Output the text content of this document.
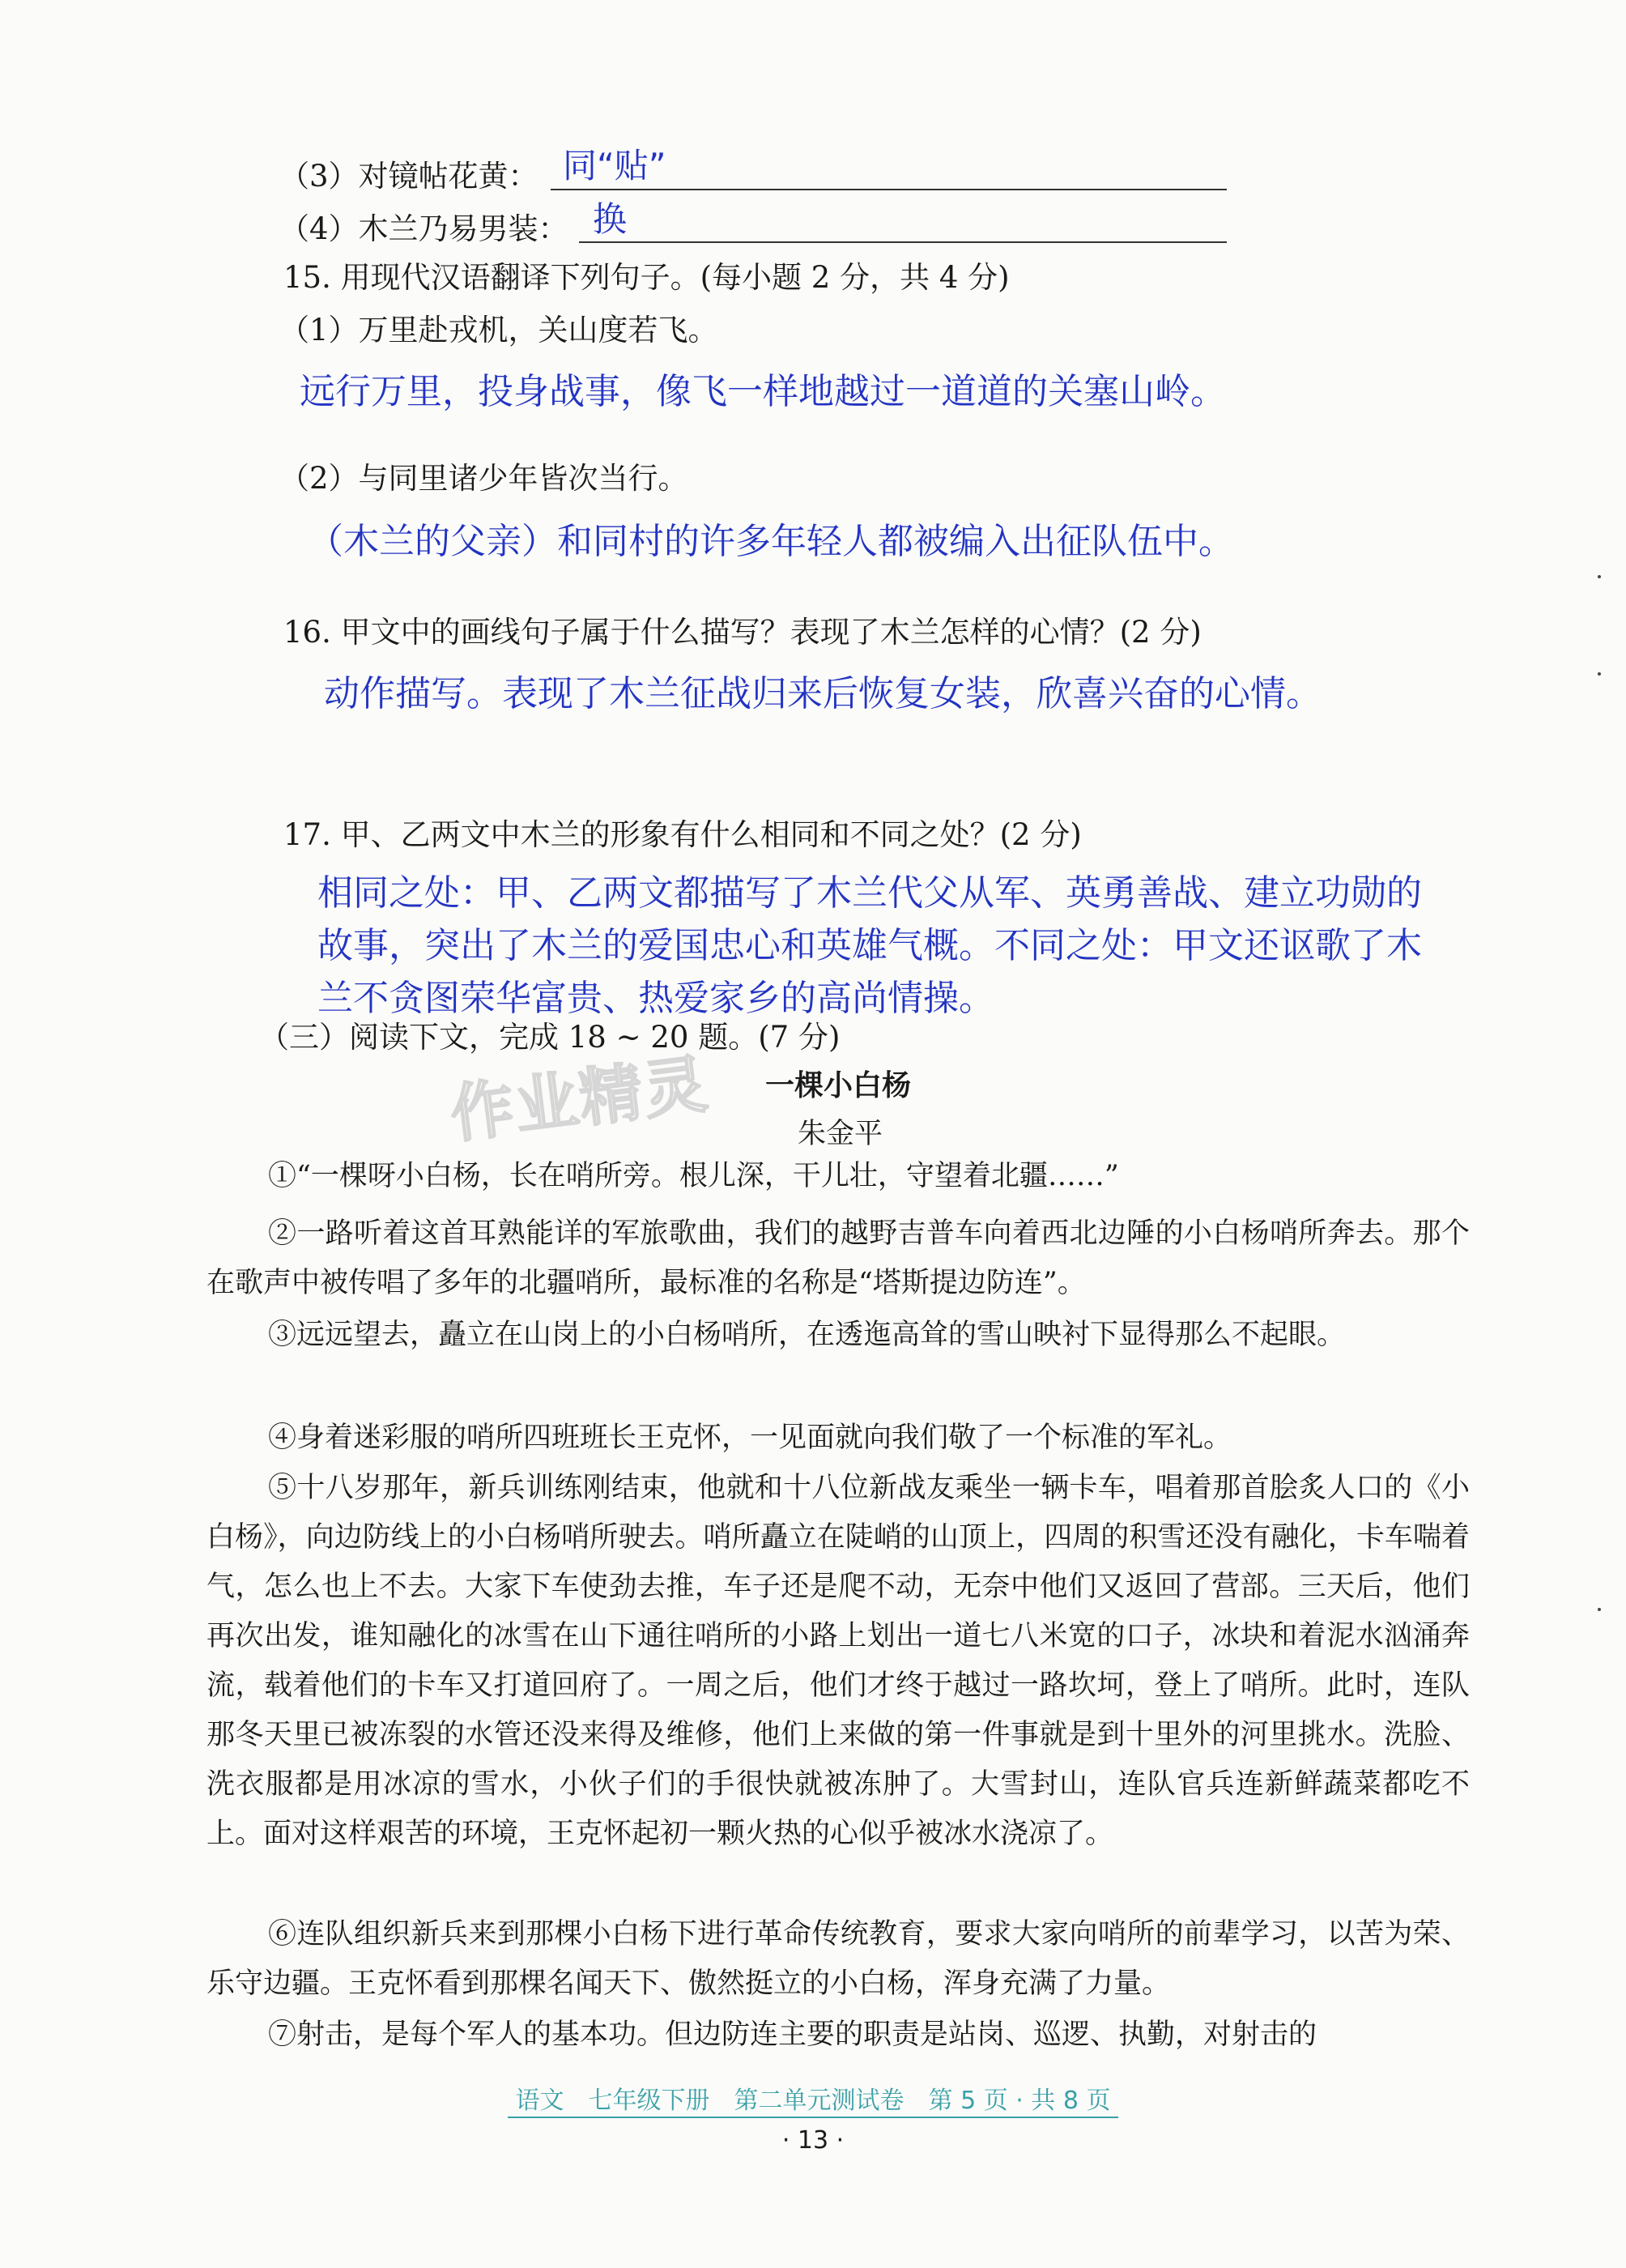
（3）对镜帖花黄： 同“贴”
（4）木兰乃易男装： 换
15. 用现代汉语翻译下列句子。(每小题 2 分，共 4 分)
（1）万里赴戎机，关山度若飞。
远行万里，投身战事，像飞一样地越过一道道的关塞山岭。
（2）与同里诸少年皆次当行。
（木兰的父亲）和同村的许多年轻人都被编入出征队伍中。
16. 甲文中的画线句子属于什么描写？表现了木兰怎样的心情？(2 分)
动作描写。表现了木兰征战归来后恢复女装，欣喜兴奋的心情。
17. 甲、乙两文中木兰的形象有什么相同和不同之处？(2 分)
相同之处：甲、乙两文都描写了木兰代父从军、英勇善战、建立功勋的
故事，突出了木兰的爱国忠心和英雄气概。不同之处：甲文还讴歌了木
兰不贪图荣华富贵、热爱家乡的高尚情操。
（三）阅读下文，完成 18 ~ 20 题。(7 分)
作业精灵 一棵小白杨
朱金平
①“一棵呀小白杨，长在哨所旁。根儿深，干儿壮，守望着北疆……”
②一路听着这首耳熟能详的军旅歌曲，我们的越野吉普车向着西北边陲的小白杨哨所奔去。那个在歌声中被传唱了多年的北疆哨所，最标准的名称是“塔斯提边防连”。
③远远望去，矗立在山岗上的小白杨哨所，在透迤高耸的雪山映衬下显得那么不起眼。
④身着迷彩服的哨所四班班长王克怀，一见面就向我们敬了一个标准的军礼。
⑤十八岁那年，新兵训练刚结束，他就和十八位新战友乘坐一辆卡车，唱着那首脍炙人口的《小白杨》，向边防线上的小白杨哨所驶去。哨所矗立在陡峭的山顶上，四周的积雪还没有融化，卡车喘着气，怎么也上不去。大家下车使劲去推，车子还是爬不动，无奈中他们又返回了营部。三天后，他们再次出发，谁知融化的冰雪在山下通往哨所的小路上划出一道七八米宽的口子，冰块和着泥水汹涌奔流，载着他们的卡车又打道回府了。一周之后，他们才终于越过一路坎坷，登上了哨所。此时，连队那冬天里已被冻裂的水管还没来得及维修，他们上来做的第一件事就是到十里外的河里挑水。洗脸、洗衣服都是用冰凉的雪水，小伙子们的手很快就被冻肿了。大雪封山，连队官兵连新鲜蔬菜都吃不上。面对这样艰苦的环境，王克怀起初一颗火热的心似乎被冰水浇凉了。
⑥连队组织新兵来到那棵小白杨下进行革命传统教育，要求大家向哨所的前辈学习，以苦为荣、乐守边疆。王克怀看到那棵名闻天下、傲然挺立的小白杨，浑身充满了力量。
⑦射击，是每个军人的基本功。但边防连主要的职责是站岗、巡逻、执勤，对射击的
语文　七年级下册　第二单元测试卷　第 5 页 · 共 8 页
· 13 ·
